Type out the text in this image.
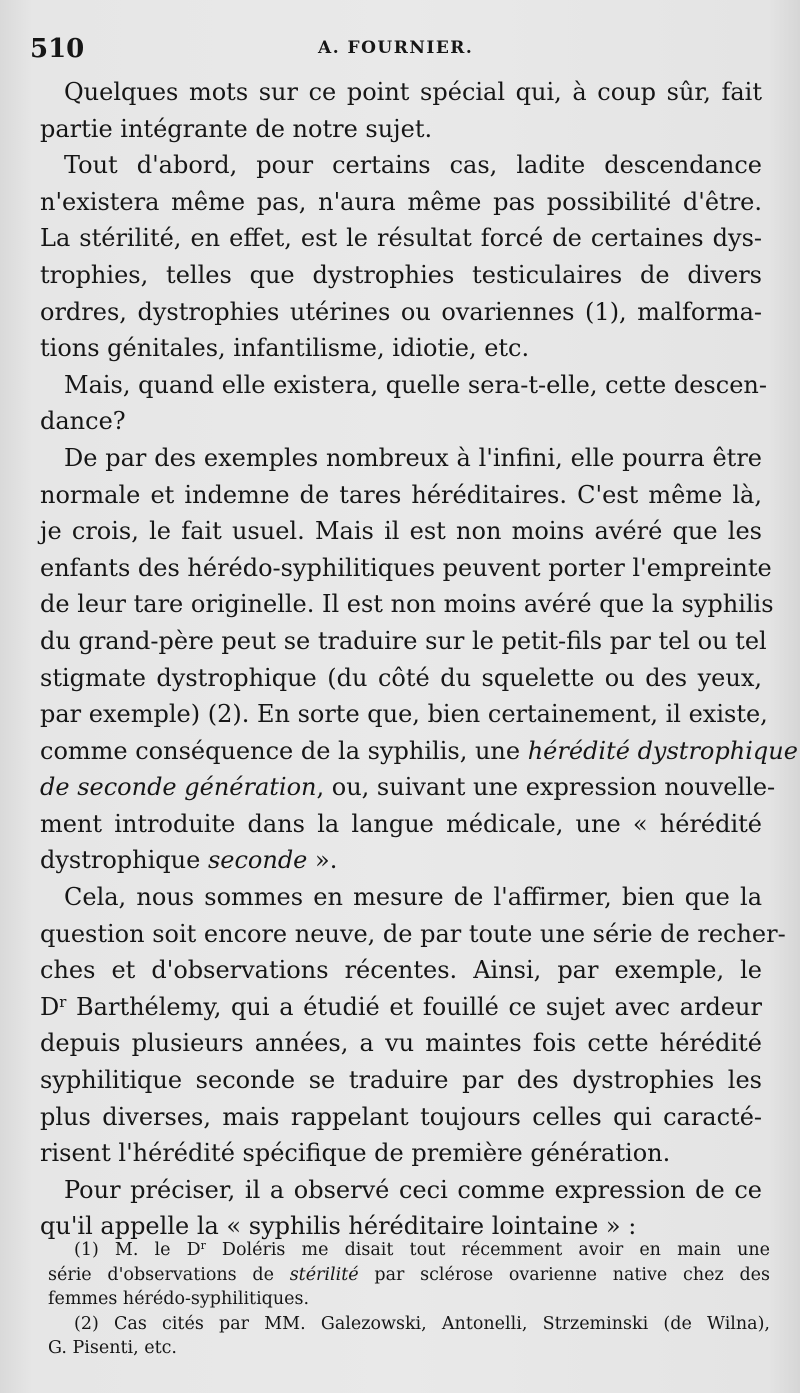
510	A. FOURNIER.
Quelques mots sur ce point spécial qui, à coup sûr, fait
partie intégrante de notre sujet.
Tout d'abord, pour certains cas, ladite descendance
n'existera même pas, n'aura même pas possibilité d'être.
La stérilité, en effet, est le résultat forcé de certaines dys-
trophies, telles que dystrophies testiculaires de divers
ordres, dystrophies utérines ou ovariennes (1), malforma-
tions génitales, infantilisme, idiotie, etc.
Mais, quand elle existera, quelle sera-t-elle, cette descen-
dance?
De par des exemples nombreux à l'infini, elle pourra être
normale et indemne de tares héréditaires. C'est même là,
je crois, le fait usuel. Mais il est non moins avéré que les
enfants des hérédo-syphilitiques peuvent porter l'empreinte
de leur tare originelle. Il est non moins avéré que la syphilis
du grand-père peut se traduire sur le petit-fils par tel ou tel
stigmate dystrophique (du côté du squelette ou des yeux,
par exemple) (2). En sorte que, bien certainement, il existe,
comme conséquence de la syphilis, une hérédité dystrophique
de seconde génération, ou, suivant une expression nouvelle-
ment introduite dans la langue médicale, une « hérédité
dystrophique seconde ».
Cela, nous sommes en mesure de l'affirmer, bien que la
question soit encore neuve, de par toute une série de recher-
ches et d'observations récentes. Ainsi, par exemple, le
$D^r$ Barthélemy, qui a étudié et fouillé ce sujet avec ardeur
depuis plusieurs années, a vu maintes fois cette hérédité
syphilitique seconde se traduire par des dystrophies les
plus diverses, mais rappelant toujours celles qui caracté-
risent l'hérédité spécifique de première génération.
Pour préciser, il a observé ceci comme expression de ce
qu'il appelle la « syphilis héréditaire lointaine » :
(1) M. le $D^r$ Doléris me disait tout récemment avoir en main une
série d'observations de stérilité par sclérose ovarienne native chez des
femmes hérédo-syphilitiques.
(2) Cas cités par MM. Galezowski, Antonelli, Strzeminski (de Wilna),
G. Pisenti, etc.
